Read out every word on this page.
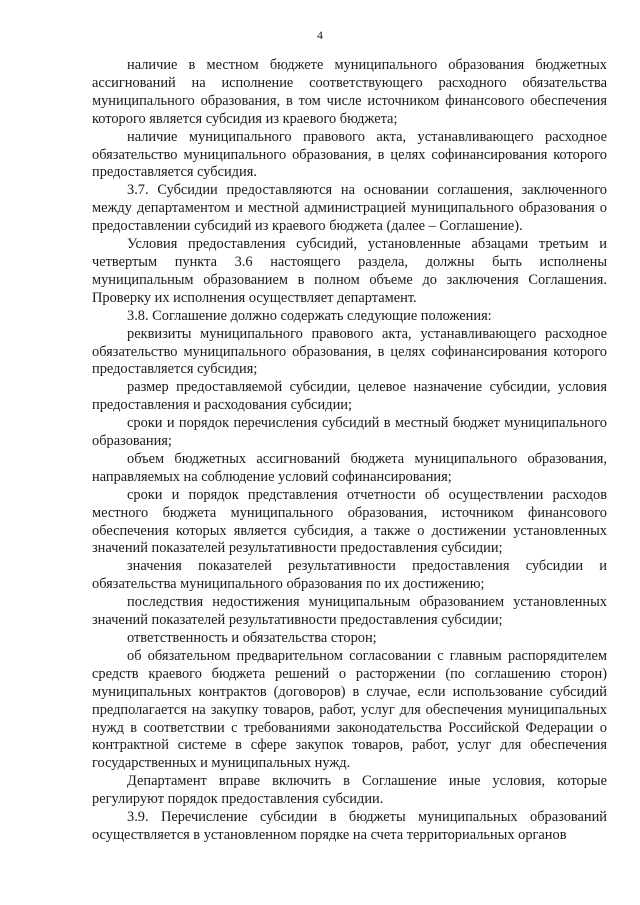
4

наличие в местном бюджете муниципального образования бюджетных ассигнований на исполнение соответствующего расходного обязательства муниципального образования, в том числе источником финансового обеспечения которого является субсидия из краевого бюджета;

наличие муниципального правового акта, устанавливающего расходное обязательство муниципального образования, в целях софинансирования которого предоставляется субсидия.

3.7. Субсидии предоставляются на основании соглашения, заключенного между департаментом и местной администрацией муниципального образования о предоставлении субсидий из краевого бюджета (далее – Соглашение).

Условия предоставления субсидий, установленные абзацами третьим и четвертым пункта 3.6 настоящего раздела, должны быть исполнены муниципальным образованием в полном объеме до заключения Соглашения. Проверку их исполнения осуществляет департамент.

3.8. Соглашение должно содержать следующие положения:

реквизиты муниципального правового акта, устанавливающего расходное обязательство муниципального образования, в целях софинансирования которого предоставляется субсидия;

размер предоставляемой субсидии, целевое назначение субсидии, условия предоставления и расходования субсидии;

сроки и порядок перечисления субсидий в местный бюджет муниципального образования;

объем бюджетных ассигнований бюджета муниципального образования, направляемых на соблюдение условий софинансирования;

сроки и порядок представления отчетности об осуществлении расходов местного бюджета муниципального образования, источником финансового обеспечения которых является субсидия, а также о достижении установленных значений показателей результативности предоставления субсидии;

значения показателей результативности предоставления субсидии и обязательства муниципального образования по их достижению;

последствия недостижения муниципальным образованием установленных значений показателей результативности предоставления субсидии;

ответственность и обязательства сторон;

об обязательном предварительном согласовании с главным распорядителем средств краевого бюджета решений о расторжении (по соглашению сторон) муниципальных контрактов (договоров) в случае, если использование субсидий предполагается на закупку товаров, работ, услуг для обеспечения муниципальных нужд в соответствии с требованиями законодательства Российской Федерации о контрактной системе в сфере закупок товаров, работ, услуг для обеспечения государственных и муниципальных нужд.

Департамент вправе включить в Соглашение иные условия, которые регулируют порядок предоставления субсидии.

3.9. Перечисление субсидии в бюджеты муниципальных образований осуществляется в установленном порядке на счета территориальных органов
